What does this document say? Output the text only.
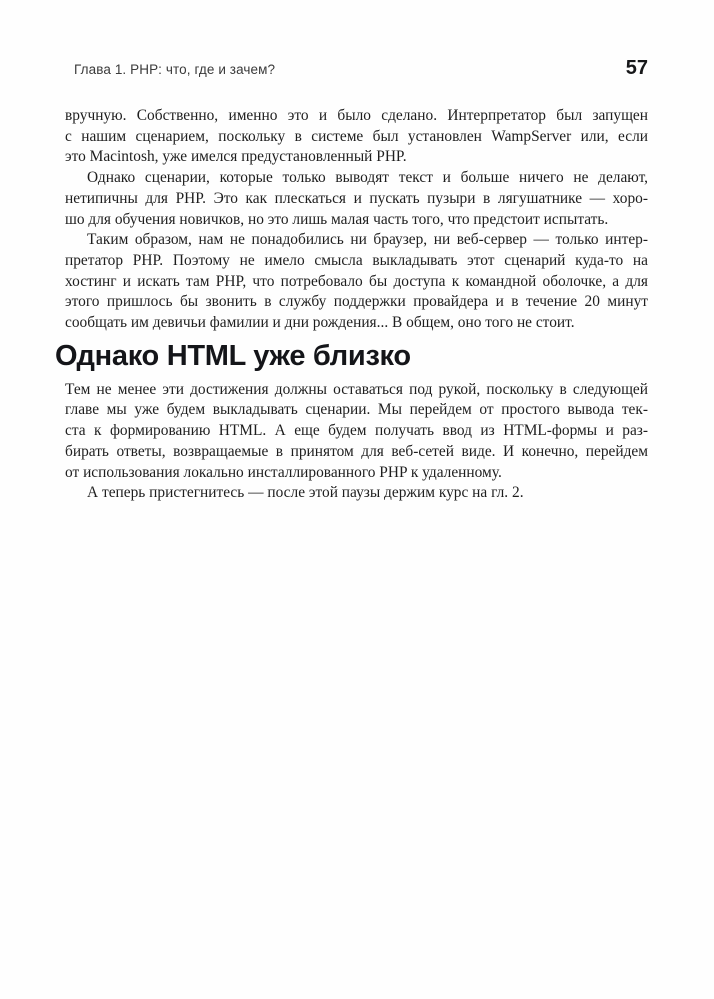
Глава 1. PHP: что, где и зачем?	57
вручную. Собственно, именно это и было сделано. Интерпретатор был запущен
с нашим сценарием, поскольку в системе был установлен WampServer или, если
это Macintosh, уже имелся предустановленный PHP.
Однако сценарии, которые только выводят текст и больше ничего не делают,
нетипичны для PHP. Это как плескаться и пускать пузыри в лягушатнике — хоро-
шо для обучения новичков, но это лишь малая часть того, что предстоит испытать.
Таким образом, нам не понадобились ни браузер, ни веб-сервер — только интер-
претатор PHP. Поэтому не имело смысла выкладывать этот сценарий куда-то на
хостинг и искать там PHP, что потребовало бы доступа к командной оболочке, а для
этого пришлось бы звонить в службу поддержки провайдера и в течение 20 минут
сообщать им девичьи фамилии и дни рождения... В общем, оно того не стоит.
Однако HTML уже близко
Тем не менее эти достижения должны оставаться под рукой, поскольку в следующей
главе мы уже будем выкладывать сценарии. Мы перейдем от простого вывода тек-
ста к формированию HTML. А еще будем получать ввод из HTML-формы и раз-
бирать ответы, возвращаемые в принятом для веб-сетей виде. И конечно, перейдем
от использования локально инсталлированного PHP к удаленному.
А теперь пристегнитесь — после этой паузы держим курс на гл. 2.
